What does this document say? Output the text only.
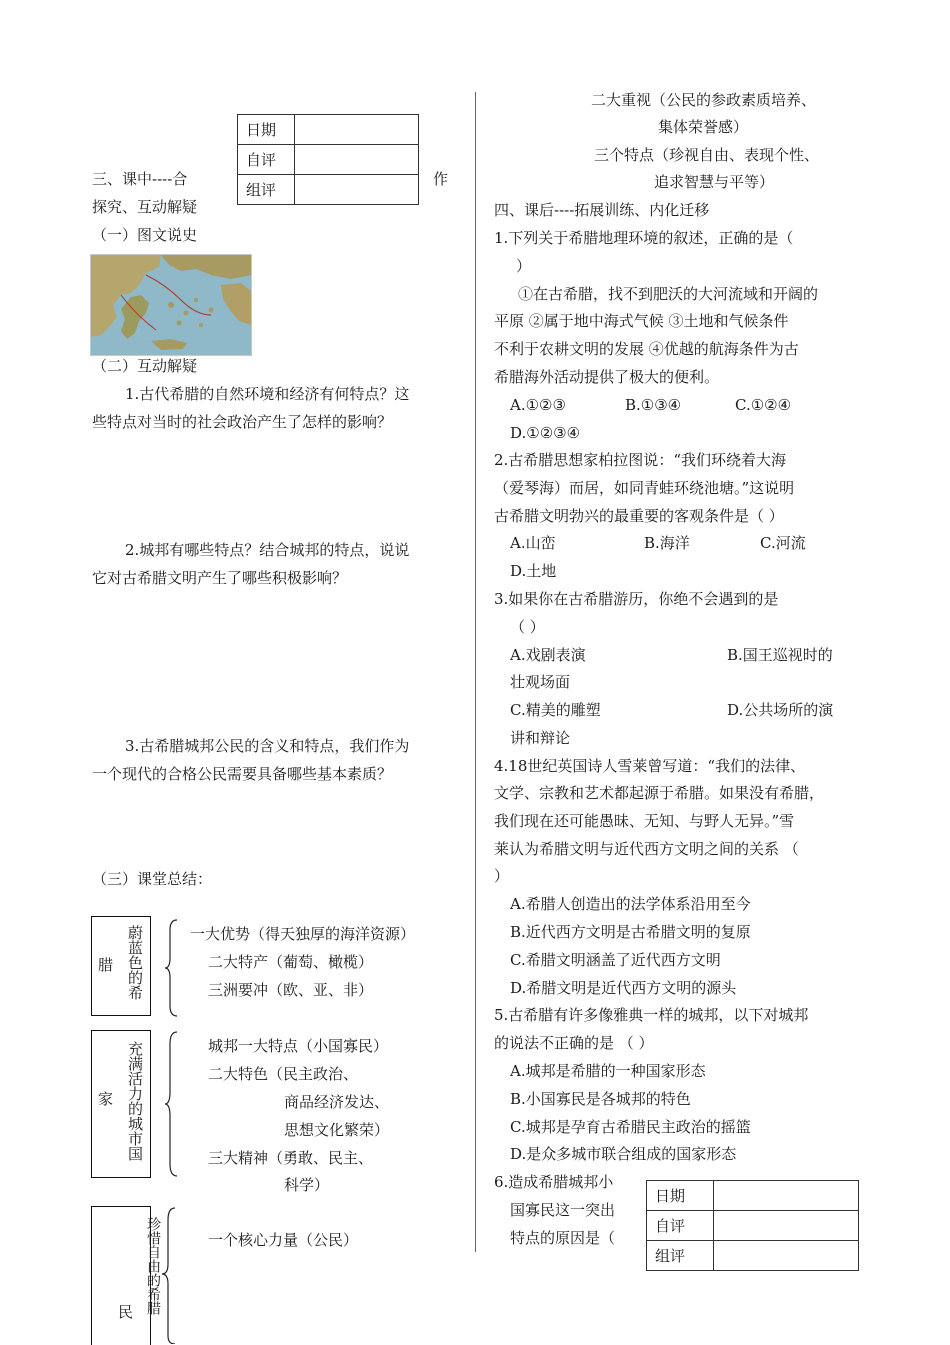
日期	
自评	
组评	
三、课中----合	作
探究、互动解疑
（一）图文说史
（二）互动解疑
1.古代希腊的自然环境和经济有何特点？这
些特点对当时的社会政治产生了怎样的影响？
2.城邦有哪些特点？结合城邦的特点，说说
它对古希腊文明产生了哪些积极影响？
3.古希腊城邦公民的含义和特点，我们作为
一个现代的合格公民需要具备哪些基本素质？
（三）课堂总结：
蔚蓝色的希
腊
一大优势（得天独厚的海洋资源）
二大特产（葡萄、橄榄）
三洲要冲（欧、亚、非）
充满活力的城市国
家
城邦一大特点（小国寡民）
二大特色（民主政治、
商品经济发达、
思想文化繁荣）
三大精神（勇敢、民主、
科学）
珍惜自由的希腊
民
一个核心力量（公民）
二大重视（公民的参政素质培养、
集体荣誉感）
三个特点（珍视自由、表现个性、
追求智慧与平等）
四、课后----拓展训练、内化迁移
1.下列关于希腊地理环境的叙述，正确的是（
）
①在古希腊，找不到肥沃的大河流域和开阔的
平原 ②属于地中海式气候 ③土地和气候条件
不利于农耕文明的发展 ④优越的航海条件为古
希腊海外活动提供了极大的便利。
A.①②③	B.①③④	C.①②④
D.①②③④
2.古希腊思想家柏拉图说：“我们环绕着大海
（爱琴海）而居，如同青蛙环绕池塘。”这说明
古希腊文明勃兴的最重要的客观条件是（ ）
A.山峦	B.海洋	C.河流
D.土地
3.如果你在古希腊游历，你绝不会遇到的是
（ ）
A.戏剧表演	B.国王巡视时的
壮观场面
C.精美的雕塑	D.公共场所的演
讲和辩论
4.18世纪英国诗人雪莱曾写道：“我们的法律、
文学、宗教和艺术都起源于希腊。如果没有希腊，
我们现在还可能愚昧、无知、与野人无异。”雪
莱认为希腊文明与近代西方文明之间的关系 （
）
A.希腊人创造出的法学体系沿用至今
B.近代西方文明是古希腊文明的复原
C.希腊文明涵盖了近代西方文明
D.希腊文明是近代西方文明的源头
5.古希腊有许多像雅典一样的城邦，以下对城邦
的说法不正确的是 （ ）
A.城邦是希腊的一种国家形态
B.小国寡民是各城邦的特色
C.城邦是孕育古希腊民主政治的摇篮
D.是众多城市联合组成的国家形态
6.造成希腊城邦小
国寡民这一突出
特点的原因是（
日期	
自评	
组评	
